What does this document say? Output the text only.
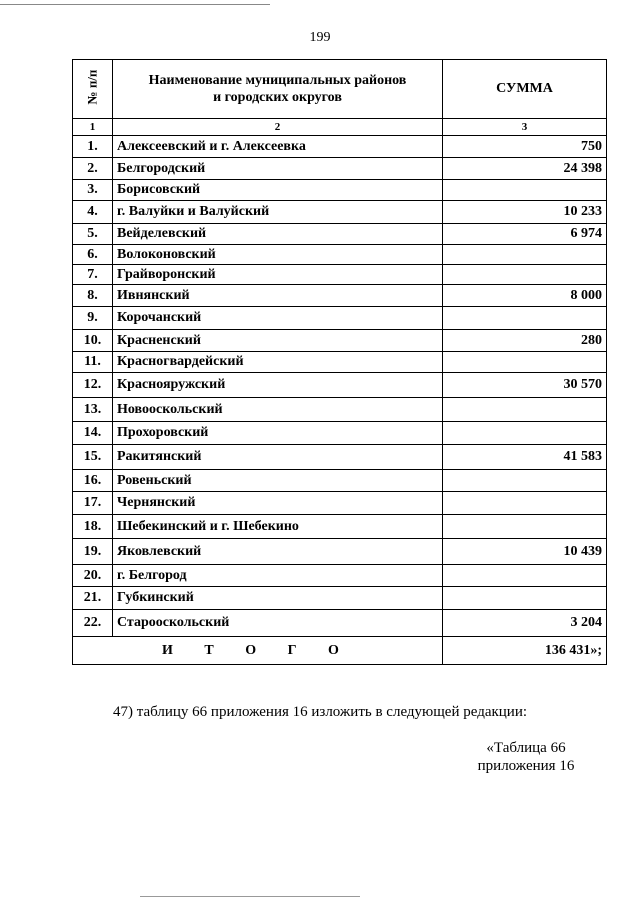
199
№ п/п	Наименование муниципальных районов
и городских округов	СУММА
1	2	3
1.	Алексеевский и г. Алексеевка	750
2.	Белгородский	24 398
3.	Борисовский	
4.	г. Валуйки и Валуйский	10 233
5.	Вейделевский	6 974
6.	Волоконовский	
7.	Грайворонский	
8.	Ивнянский	8 000
9.	Корочанский	
10.	Красненский	280
11.	Красногвардейский	
12.	Краснояружский	30 570
13.	Новооскольский	
14.	Прохоровский	
15.	Ракитянский	41 583
16.	Ровеньский	
17.	Чернянский	
18.	Шебекинский и г. Шебекино	
19.	Яковлевский	10 439
20.	г. Белгород	
21.	Губкинский	
22.	Старооскольский	3 204
И Т О Г О		136 431»;
47) таблицу 66 приложения 16 изложить в следующей редакции:
«Таблица 66
приложения 16
